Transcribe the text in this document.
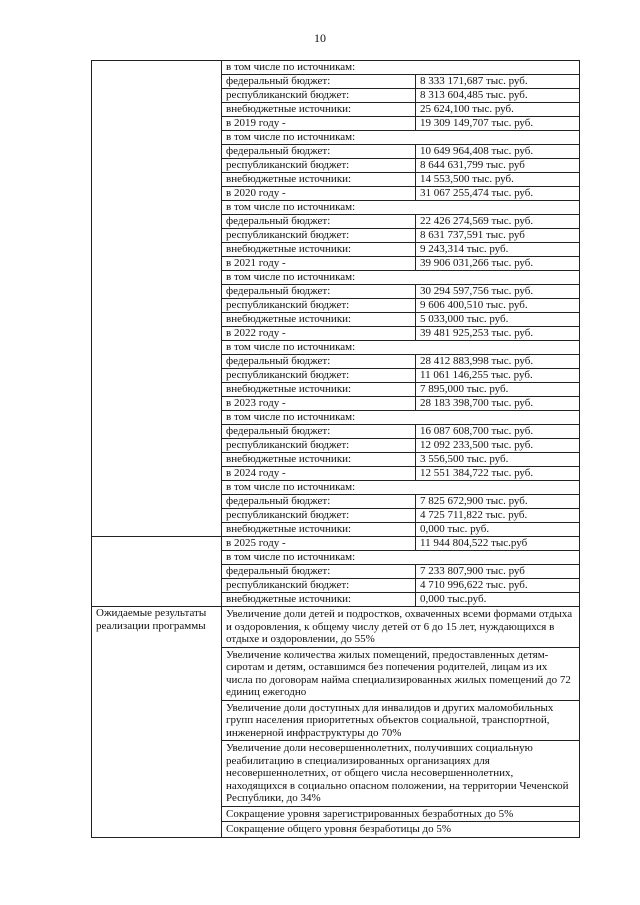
10
	в том числе по источникам:	
	федеральный бюджет:	8 333 171,687 тыс. руб.
	республиканский бюджет:	8 313 604,485 тыс. руб.
	внебюджетные источники:	25 624,100 тыс. руб.
	в 2019 году -	19 309 149,707 тыс. руб.
	в том числе по источникам:	
	федеральный бюджет:	10 649 964,408 тыс. руб.
	республиканский бюджет:	8 644 631,799 тыс. руб
	внебюджетные источники:	14 553,500 тыс. руб.
	в 2020 году -	31 067 255,474 тыс. руб.
	в том числе по источникам:	
	федеральный бюджет:	22 426 274,569 тыс. руб.
	республиканский бюджет:	8 631 737,591 тыс. руб
	внебюджетные источники:	9 243,314 тыс. руб.
	в 2021 году -	39 906 031,266 тыс. руб.
	в том числе по источникам:	
	федеральный бюджет:	30 294 597,756 тыс. руб.
	республиканский бюджет:	9 606 400,510 тыс. руб.
	внебюджетные источники:	5 033,000 тыс. руб.
	в 2022 году -	39 481 925,253 тыс. руб.
	в том числе по источникам:	
	федеральный бюджет:	28 412 883,998 тыс. руб.
	республиканский бюджет:	11 061 146,255 тыс. руб.
	внебюджетные источники:	7 895,000 тыс. руб.
	в 2023 году -	28 183 398,700 тыс. руб.
	в том числе по источникам:	
	федеральный бюджет:	16 087 608,700 тыс. руб.
	республиканский бюджет:	12 092 233,500 тыс. руб.
	внебюджетные источники:	3 556,500 тыс. руб.
	в 2024 году -	12 551 384,722 тыс. руб.
	в том числе по источникам:	
	федеральный бюджет:	7 825 672,900 тыс. руб.
	республиканский бюджет:	4 725 711,822 тыс. руб.
	внебюджетные источники:	0,000 тыс. руб.
	в 2025 году -	11 944 804,522 тыс.руб
	в том числе по источникам:	
	федеральный бюджет:	7 233 807,900 тыс. руб
	республиканский бюджет:	4 710 996,622 тыс. руб.
	внебюджетные источники:	0,000 тыс.руб.
Ожидаемые результаты реализации программы	Увеличение доли детей и подростков, охваченных всеми формами отдыха и оздоровления, к общему числу детей от 6 до 15 лет, нуждающихся в отдыхе и оздоровлении, до 55%	
	Увеличение количества жилых помещений, предоставленных детям-сиротам и детям, оставшимся без попечения родителей, лицам из их числа по договорам найма специализированных жилых помещений до 72 единиц ежегодно	
	Увеличение доли доступных для инвалидов и других маломобильных групп населения приоритетных объектов социальной, транспортной, инженерной инфраструктуры до 70%	
	Увеличение доли несовершеннолетних, получивших социальную реабилитацию в специализированных организациях для несовершеннолетних, от общего числа несовершеннолетних, находящихся в социально опасном положении, на территории Чеченской Республики, до 34%	
	Сокращение уровня зарегистрированных безработных до 5%	
	Сокращение общего уровня безработицы до 5%	
